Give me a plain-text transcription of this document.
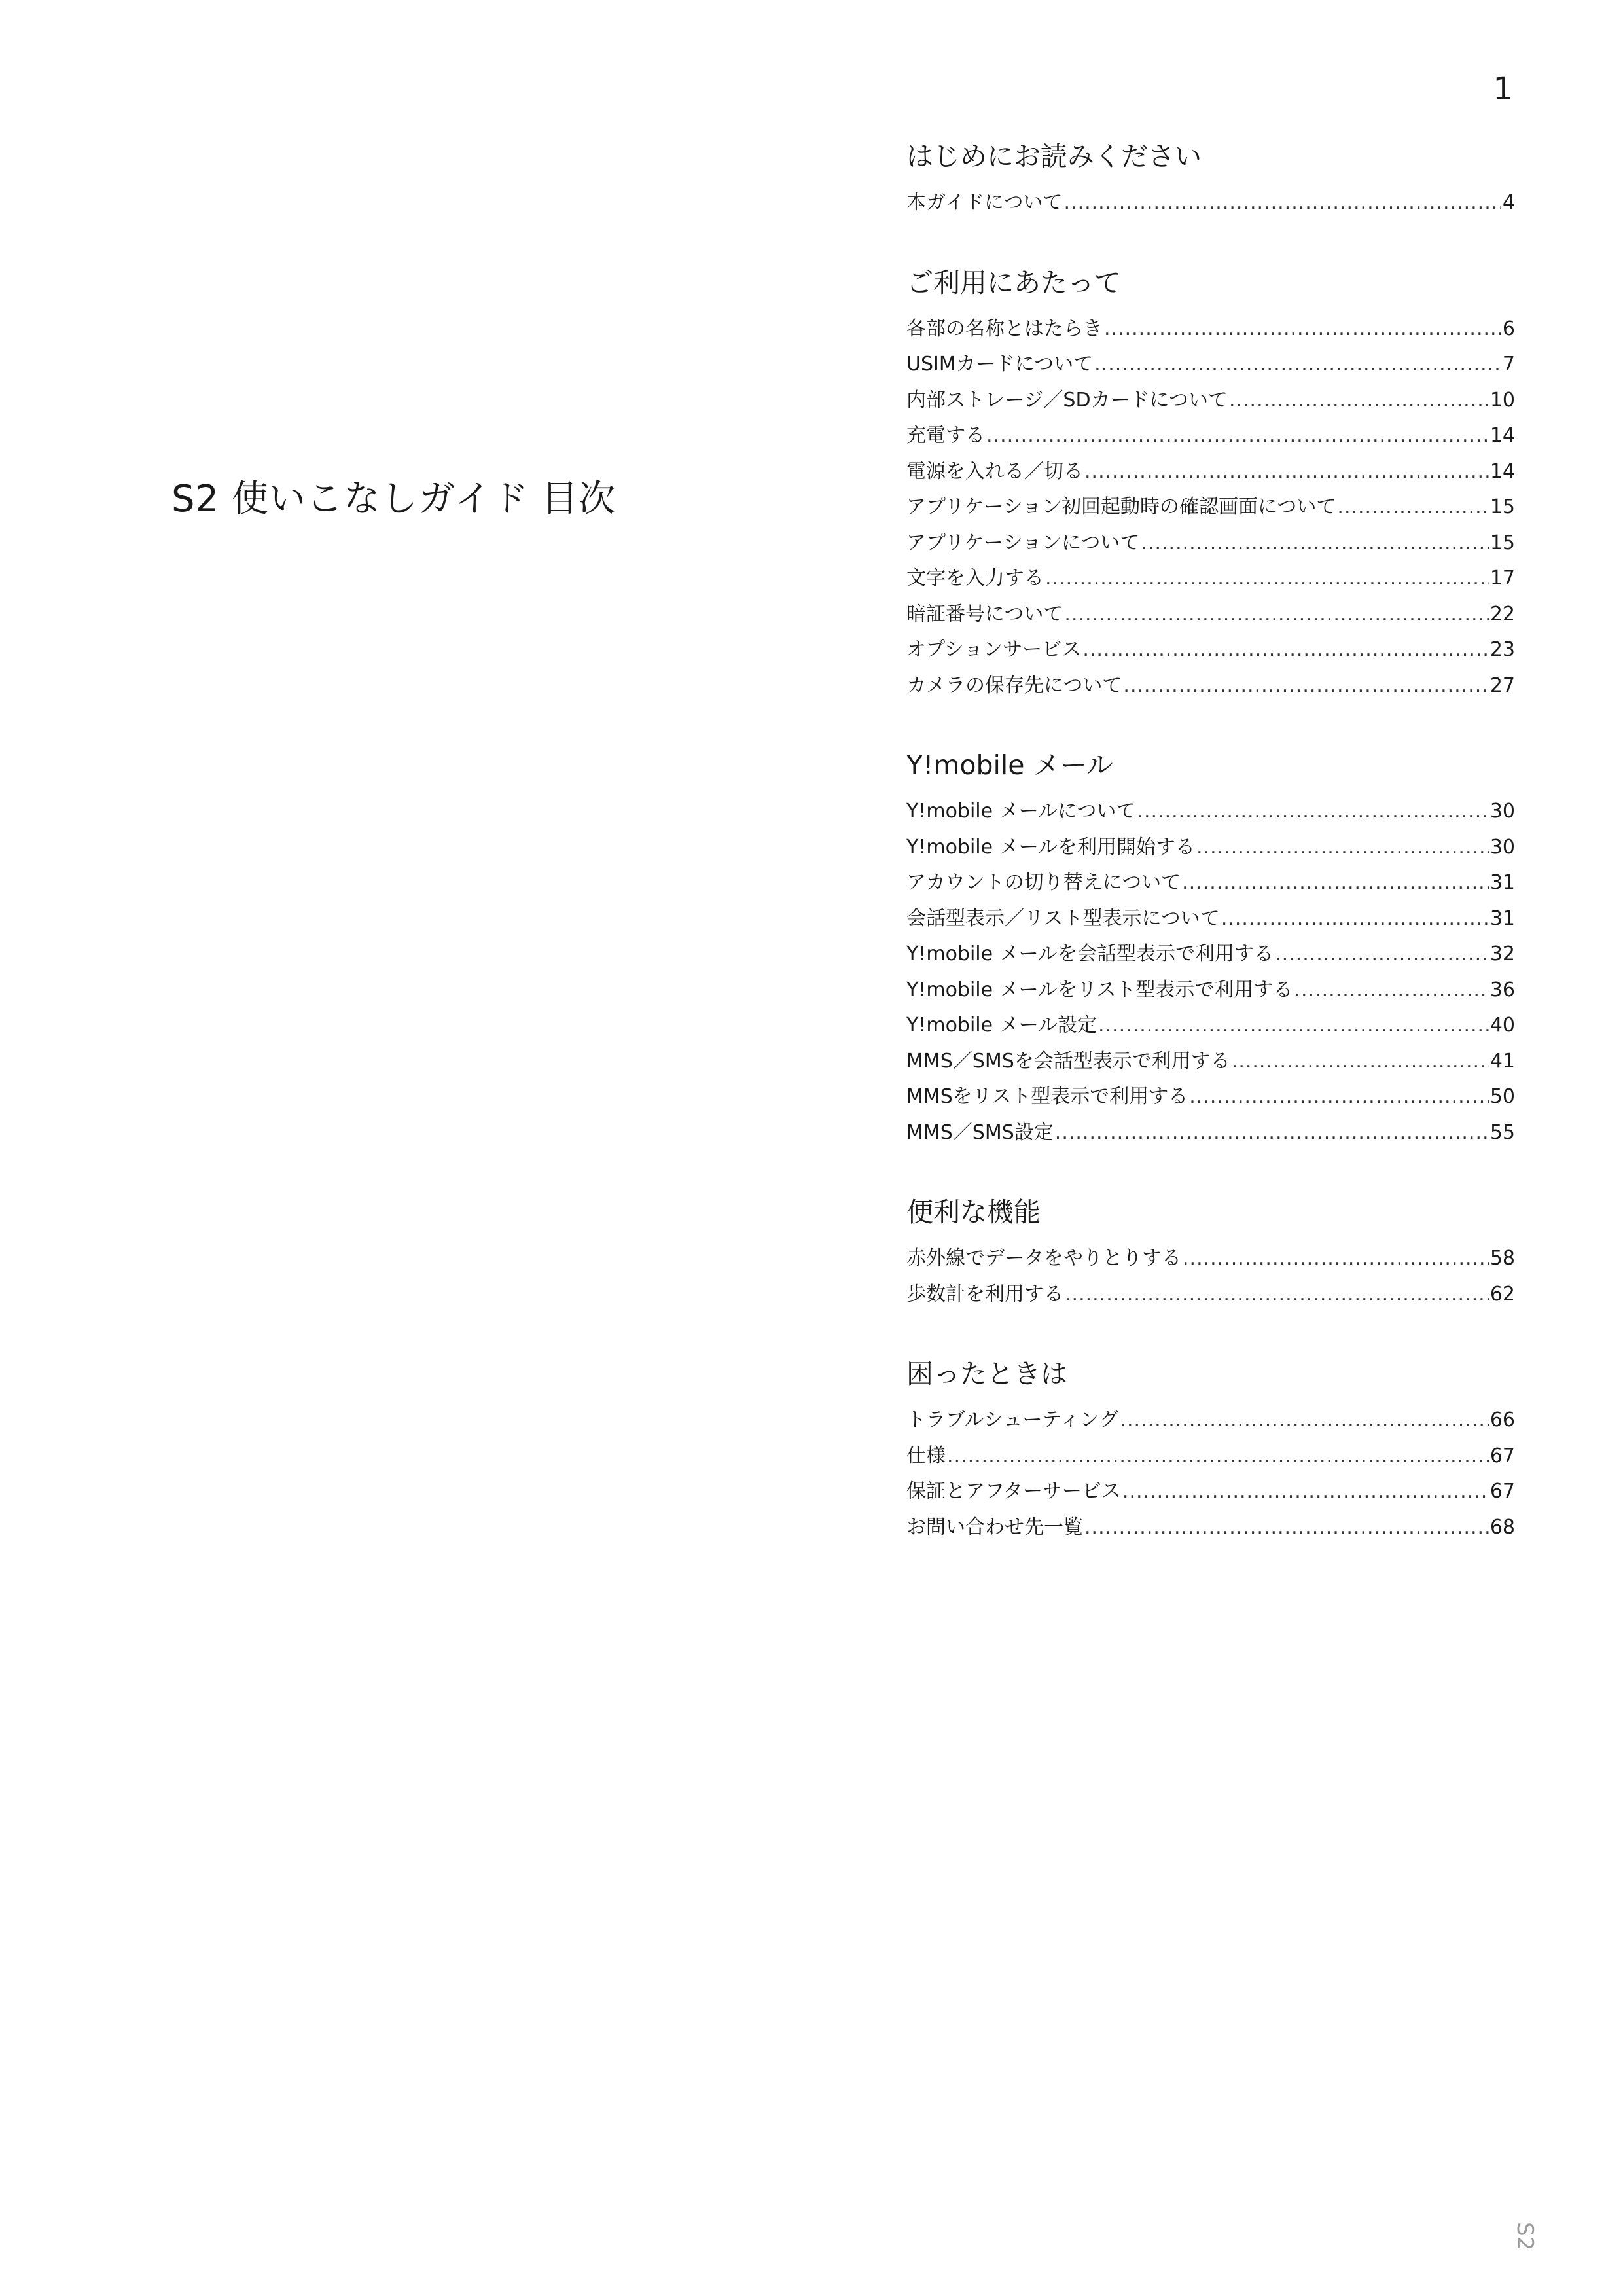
1
S2 使いこなしガイド 目次
はじめにお読みください
本ガイドについて .....	4
ご利用にあたって
各部の名称とはたらき .....	6
USIMカードについて .....	7
内部ストレージ／SDカードについて .....	10
充電する .....	14
電源を入れる／切る .....	14
アプリケーション初回起動時の確認画面について .....	15
アプリケーションについて .....	15
文字を入力する .....	17
暗証番号について .....	22
オプションサービス .....	23
カメラの保存先について .....	27
Y!mobile メール
Y!mobile メールについて .....	30
Y!mobile メールを利用開始する .....	30
アカウントの切り替えについて .....	31
会話型表示／リスト型表示について .....	31
Y!mobile メールを会話型表示で利用する .....	32
Y!mobile メールをリスト型表示で利用する .....	36
Y!mobile メール設定 .....	40
MMS／SMSを会話型表示で利用する .....	41
MMSをリスト型表示で利用する .....	50
MMS／SMS設定 .....	55
便利な機能
赤外線でデータをやりとりする .....	58
歩数計を利用する .....	62
困ったときは
トラブルシューティング .....	66
仕様 .....	67
保証とアフターサービス .....	67
お問い合わせ先一覧 .....	68
S2
